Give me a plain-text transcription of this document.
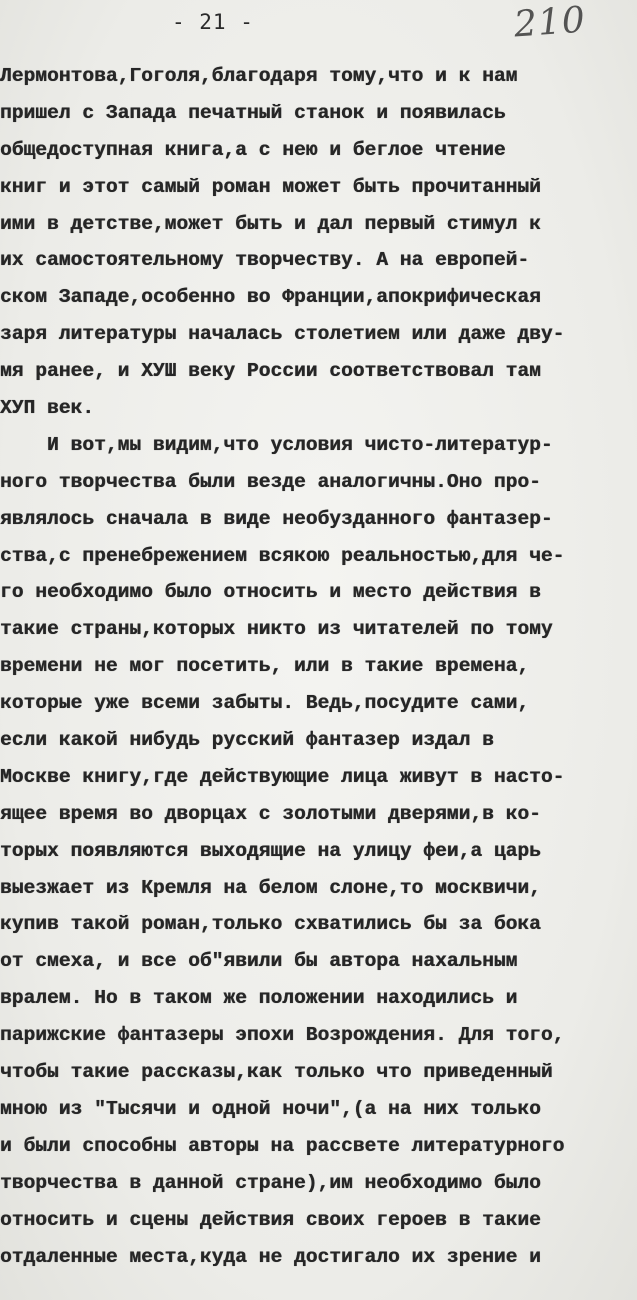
- 21 -	210
Лермонтова,Гоголя,благодаря тому,что и к нам
пришел с Запада печатный станок и появилась
общедоступная книга,а с нею и беглое чтение
книг и этот самый роман может быть прочитанный
ими в детстве,может быть и дал первый стимул к
их самостоятельному творчеству. А на европей-
ском Западе,особенно во Франции,апокрифическая
заря литературы началась столетием или даже дву-
мя ранее, и ХУШ веку России соответствовал там
ХУП век.
И вот,мы видим,что условия чисто-литератур-
ного творчества были везде аналогичны.Оно про-
являлось сначала в виде необузданного фантазер-
ства,с пренебрежением всякою реальностью,для че-
го необходимо было относить и место действия в
такие страны,которых никто из читателей по тому
времени не мог посетить, или в такие времена,
которые уже всеми забыты. Ведь,посудите сами,
если какой нибудь русский фантазер издал в
Москве книгу,где действующие лица живут в насто-
ящее время во дворцах с золотыми дверями,в ко-
торых появляются выходящие на улицу феи,а царь
выезжает из Кремля на белом слоне,то москвичи,
купив такой роман,только схватились бы за бока
от смеха, и все об"явили бы автора нахальным
вралем. Но в таком же положении находились и
парижские фантазеры эпохи Возрождения. Для того,
чтобы такие рассказы,как только что приведенный
мною из "Тысячи и одной ночи",(а на них только
и были способны авторы на рассвете литературного
творчества в данной стране),им необходимо было
относить и сцены действия своих героев в такие
отдаленные места,куда не достигало их зрение и
